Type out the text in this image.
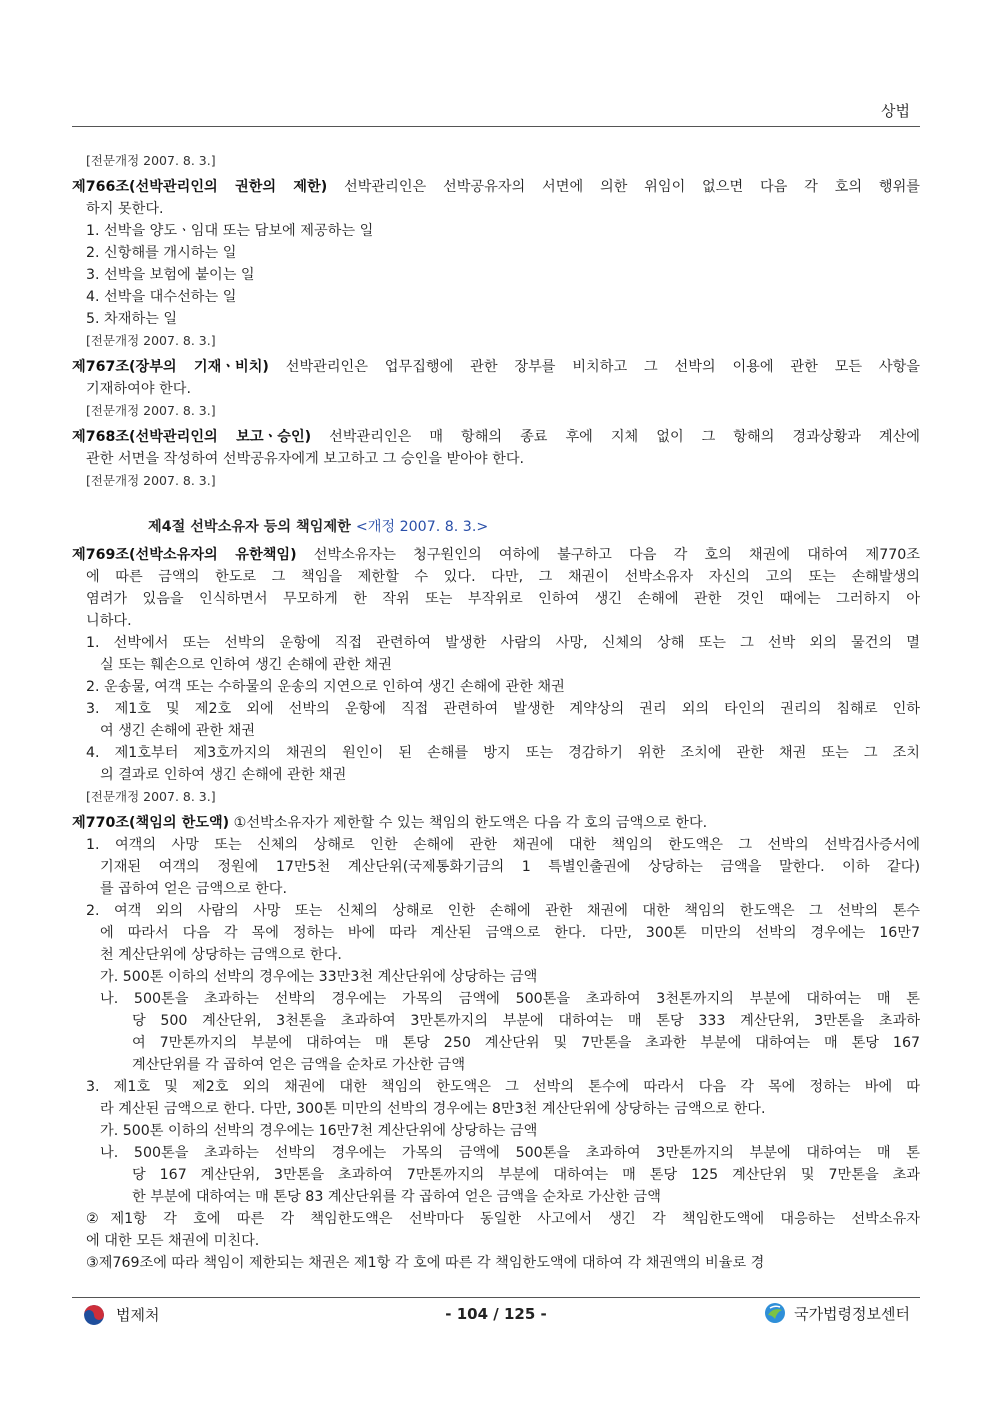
상법
[전문개정 2007. 8. 3.]
제766조(선박관리인의 권한의 제한) 선박관리인은 선박공유자의 서면에 의한 위임이 없으면 다음 각 호의 행위를
하지 못한다.
1. 선박을 양도ㆍ임대 또는 담보에 제공하는 일
2. 신항해를 개시하는 일
3. 선박을 보험에 붙이는 일
4. 선박을 대수선하는 일
5. 차재하는 일
[전문개정 2007. 8. 3.]
제767조(장부의 기재ㆍ비치) 선박관리인은 업무집행에 관한 장부를 비치하고 그 선박의 이용에 관한 모든 사항을
기재하여야 한다.
[전문개정 2007. 8. 3.]
제768조(선박관리인의 보고ㆍ승인) 선박관리인은 매 항해의 종료 후에 지체 없이 그 항해의 경과상황과 계산에
관한 서면을 작성하여 선박공유자에게 보고하고 그 승인을 받아야 한다.
[전문개정 2007. 8. 3.]
제4절 선박소유자 등의 책임제한 <개정 2007. 8. 3.>
제769조(선박소유자의 유한책임) 선박소유자는 청구원인의 여하에 불구하고 다음 각 호의 채권에 대하여 제770조
에 따른 금액의 한도로 그 책임을 제한할 수 있다. 다만, 그 채권이 선박소유자 자신의 고의 또는 손해발생의
염려가 있음을 인식하면서 무모하게 한 작위 또는 부작위로 인하여 생긴 손해에 관한 것인 때에는 그러하지 아
니하다.
1. 선박에서 또는 선박의 운항에 직접 관련하여 발생한 사람의 사망, 신체의 상해 또는 그 선박 외의 물건의 멸
실 또는 훼손으로 인하여 생긴 손해에 관한 채권
2. 운송물, 여객 또는 수하물의 운송의 지연으로 인하여 생긴 손해에 관한 채권
3. 제1호 및 제2호 외에 선박의 운항에 직접 관련하여 발생한 계약상의 권리 외의 타인의 권리의 침해로 인하
여 생긴 손해에 관한 채권
4. 제1호부터 제3호까지의 채권의 원인이 된 손해를 방지 또는 경감하기 위한 조치에 관한 채권 또는 그 조치
의 결과로 인하여 생긴 손해에 관한 채권
[전문개정 2007. 8. 3.]
제770조(책임의 한도액) ①선박소유자가 제한할 수 있는 책임의 한도액은 다음 각 호의 금액으로 한다.
1. 여객의 사망 또는 신체의 상해로 인한 손해에 관한 채권에 대한 책임의 한도액은 그 선박의 선박검사증서에
기재된 여객의 정원에 17만5천 계산단위(국제통화기금의 1 특별인출권에 상당하는 금액을 말한다. 이하 같다)
를 곱하여 얻은 금액으로 한다.
2. 여객 외의 사람의 사망 또는 신체의 상해로 인한 손해에 관한 채권에 대한 책임의 한도액은 그 선박의 톤수
에 따라서 다음 각 목에 정하는 바에 따라 계산된 금액으로 한다. 다만, 300톤 미만의 선박의 경우에는 16만7
천 계산단위에 상당하는 금액으로 한다.
가. 500톤 이하의 선박의 경우에는 33만3천 계산단위에 상당하는 금액
나. 500톤을 초과하는 선박의 경우에는 가목의 금액에 500톤을 초과하여 3천톤까지의 부분에 대하여는 매 톤
당 500 계산단위, 3천톤을 초과하여 3만톤까지의 부분에 대하여는 매 톤당 333 계산단위, 3만톤을 초과하
여 7만톤까지의 부분에 대하여는 매 톤당 250 계산단위 및 7만톤을 초과한 부분에 대하여는 매 톤당 167
계산단위를 각 곱하여 얻은 금액을 순차로 가산한 금액
3. 제1호 및 제2호 외의 채권에 대한 책임의 한도액은 그 선박의 톤수에 따라서 다음 각 목에 정하는 바에 따
라 계산된 금액으로 한다. 다만, 300톤 미만의 선박의 경우에는 8만3천 계산단위에 상당하는 금액으로 한다.
가. 500톤 이하의 선박의 경우에는 16만7천 계산단위에 상당하는 금액
나. 500톤을 초과하는 선박의 경우에는 가목의 금액에 500톤을 초과하여 3만톤까지의 부분에 대하여는 매 톤
당 167 계산단위, 3만톤을 초과하여 7만톤까지의 부분에 대하여는 매 톤당 125 계산단위 및 7만톤을 초과
한 부분에 대하여는 매 톤당 83 계산단위를 각 곱하여 얻은 금액을 순차로 가산한 금액
②제1항 각 호에 따른 각 책임한도액은 선박마다 동일한 사고에서 생긴 각 책임한도액에 대응하는 선박소유자
에 대한 모든 채권에 미친다.
③제769조에 따라 책임이 제한되는 채권은 제1항 각 호에 따른 각 책임한도액에 대하여 각 채권액의 비율로 경
법제처	- 104 / 125 -	국가법령정보센터
